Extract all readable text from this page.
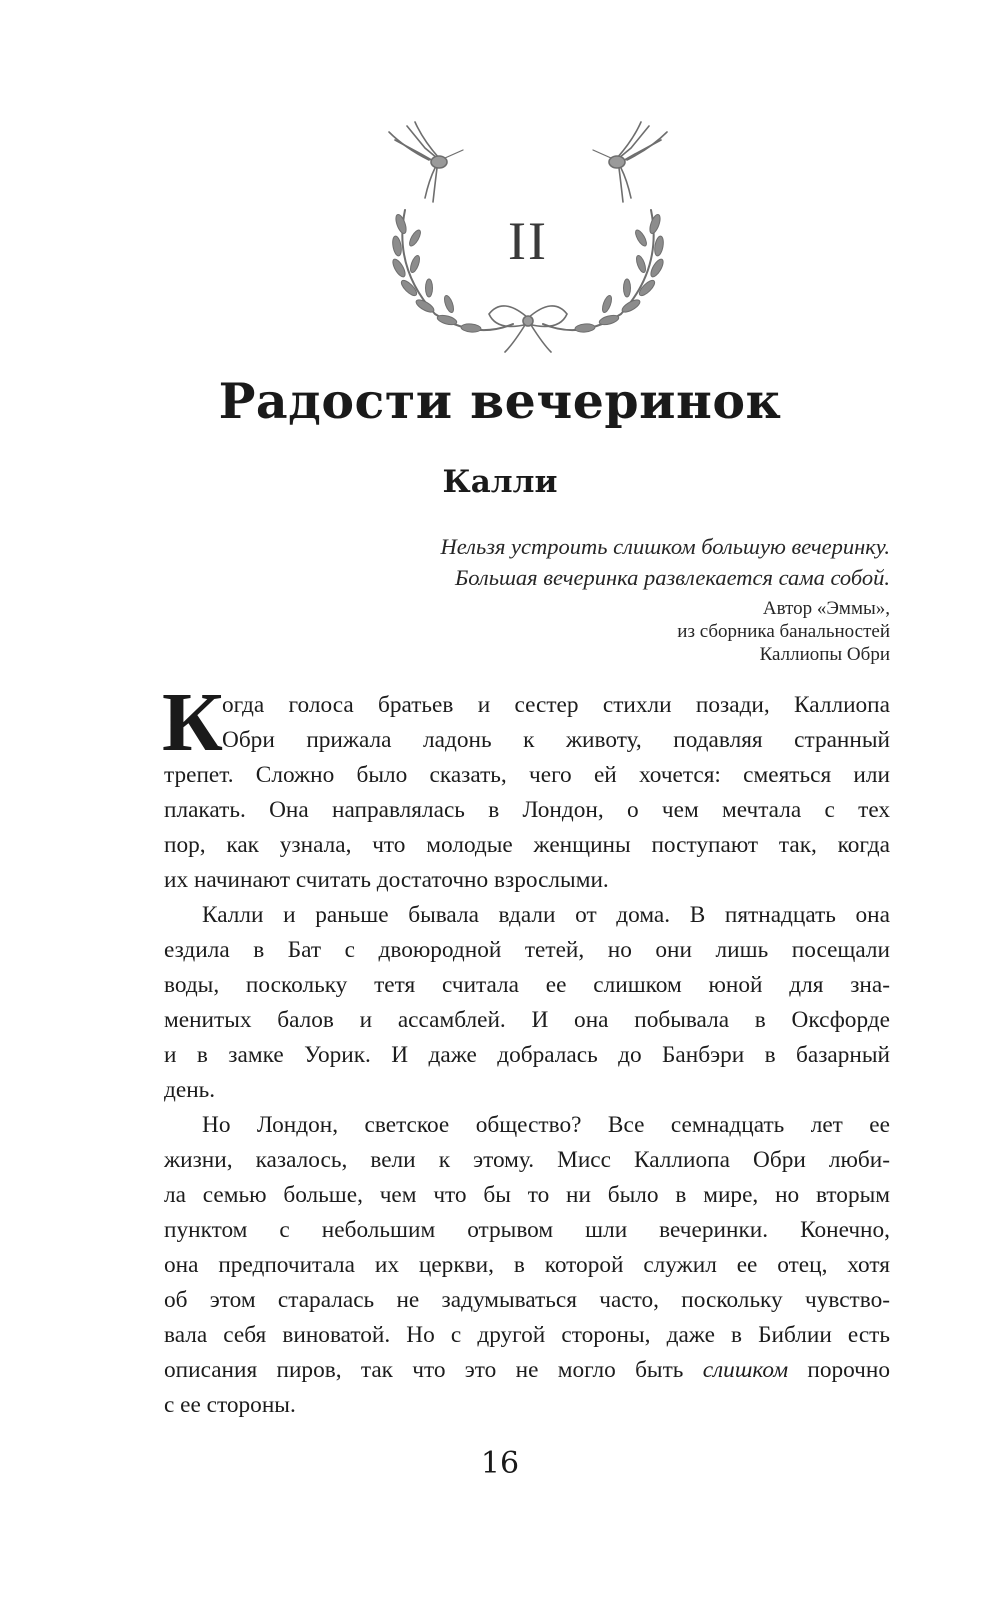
II
Радости вечеринок
Калли
Нельзя устроить слишком большую вечеринку.
Большая вечеринка развлекается сама собой.
Автор «Эммы»,
из сборника банальностей
Каллиопы Обри
К огда голоса братьев и сестер стихли позади, Каллиопа
Обри прижала ладонь к животу, подавляя странный
трепет. Сложно было сказать, чего ей хочется: смеяться или
плакать. Она направлялась в Лондон, о чем мечтала с тех
пор, как узнала, что молодые женщины поступают так, когда
их начинают считать достаточно взрослыми.
Калли и раньше бывала вдали от дома. В пятнадцать она
ездила в Бат с двоюродной тетей, но они лишь посещали
воды, поскольку тетя считала ее слишком юной для зна-
менитых балов и ассамблей. И она побывала в Оксфорде
и в замке Уорик. И даже добралась до Банбэри в базарный
день.
Но Лондон, светское общество? Все семнадцать лет ее
жизни, казалось, вели к этому. Мисс Каллиопа Обри люби-
ла семью больше, чем что бы то ни было в мире, но вторым
пунктом с небольшим отрывом шли вечеринки. Конечно,
она предпочитала их церкви, в которой служил ее отец, хотя
об этом старалась не задумываться часто, поскольку чувство-
вала себя виноватой. Но с другой стороны, даже в Библии есть
описания пиров, так что это не могло быть слишком порочно
с ее стороны.
16
